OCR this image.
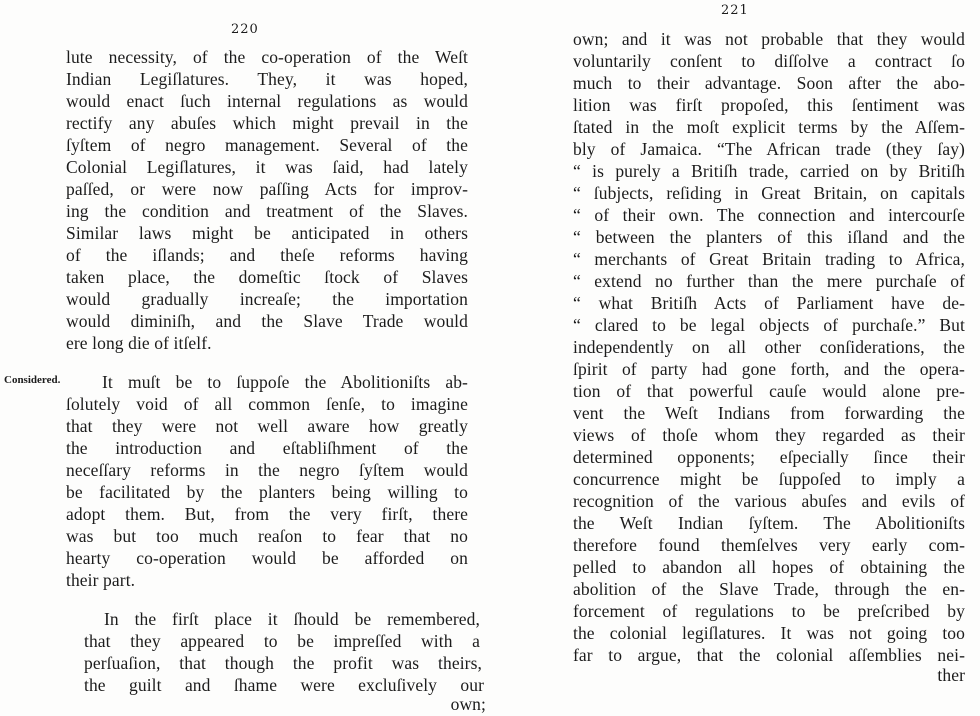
220
Considered.
lute necessity, of the co-operation of the Weſt
Indian Legiſlatures. They, it was hoped,
would enact ſuch internal regulations as would
rectify any abuſes which might prevail in the
ſyſtem of negro management. Several of the
Colonial Legiſlatures, it was ſaid, had lately
paſſed, or were now paſſing Acts for improv-
ing the condition and treatment of the Slaves.
Similar laws might be anticipated in others
of the iſlands; and theſe reforms having
taken place, the domeſtic ſtock of Slaves
would gradually increaſe; the importation
would diminiſh, and the Slave Trade would
ere long die of itſelf.
It muſt be to ſuppoſe the Abolitioniſts ab-
ſolutely void of all common ſenſe, to imagine
that they were not well aware how greatly
the introduction and eſtabliſhment of the
neceſſary reforms in the negro ſyſtem would
be facilitated by the planters being willing to
adopt them. But, from the very firſt, there
was but too much reaſon to fear that no
hearty co-operation would be afforded on
their part.
In the firſt place it ſhould be remembered,
that they appeared to be impreſſed with a
perſuaſion, that though the profit was theirs,
the guilt and ſhame were excluſively our
own;
221
own; and it was not probable that they would
voluntarily conſent to diſſolve a contract ſo
much to their advantage. Soon after the abo-
lition was firſt propoſed, this ſentiment was
ſtated in the moſt explicit terms by the Aſſem-
bly of Jamaica. “The African trade (they ſay)
“ is purely a Britiſh trade, carried on by Britiſh
“ ſubjects, reſiding in Great Britain, on capitals
“ of their own. The connection and intercourſe
“ between the planters of this iſland and the
“ merchants of Great Britain trading to Africa,
“ extend no further than the mere purchaſe of
“ what Britiſh Acts of Parliament have de-
“ clared to be legal objects of purchaſe.” But
independently on all other conſiderations, the
ſpirit of party had gone forth, and the opera-
tion of that powerful cauſe would alone pre-
vent the Weſt Indians from forwarding the
views of thoſe whom they regarded as their
determined opponents; eſpecially ſince their
concurrence might be ſuppoſed to imply a
recognition of the various abuſes and evils of
the Weſt Indian ſyſtem. The Abolitioniſts
therefore found themſelves very early com-
pelled to abandon all hopes of obtaining the
abolition of the Slave Trade, through the en-
forcement of regulations to be preſcribed by
the colonial legiſlatures. It was not going too
far to argue, that the colonial aſſemblies nei-
ther
